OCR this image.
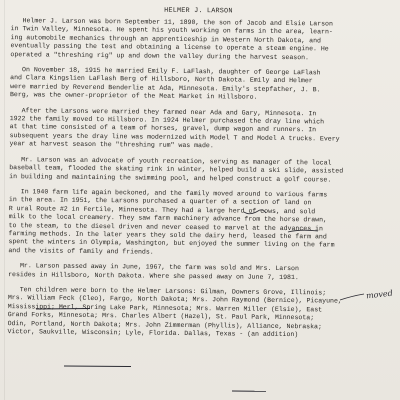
HELMER J. LARSON
Helmer J. Larson was born September 11, 1890, the son of Jacob and Elsie Larson
in Twin Valley, Minnesota. He spent his youth working on farms in the area, learn-
ing automobile mechanics through an apprenticeship in Western North Dakota, and
eventually passing the test and obtaining a license to operate a steam engine. He
operated a "threshing rig" up and down the valley during the harvest season.
On November 18, 1915 he married Emily F. LaFlash, daughter of George LaFlash
and Clara Kingslien LaFlash Berg of Hillsboro, North Dakota. Emily and Helmer
were married by Reverend Benderlie at Ada, Minnesota. Emily's stepfather, J. B.
Berg, was the owner-proprietor of the Meat Market in Hillsboro.
After the Larsons were married they farmed near Ada and Gary, Minnesota. In
1922 the family moved to Hillsboro. In 1924 Helmer purchased the dray line which
at that time consisted of a team of horses, gravel, dump wagon and runners. In
subsequent years the dray line was modernized with Model T and Model A trucks. Every
year at harvest season the "threshing rum" was made.
Mr. Larson was an advocate of youth recreation, serving as manager of the local
baseball team, flooded the skating rink in winter, helped build a ski slide, assisted
in building and maintaining the swimming pool, and helped construct a golf course.
In 1940 farm life again beckoned, and the family moved around to various farms
in the area. In 1951, the Larsons purchased a quarter of a section of land on
R ural Route #2 in Fertile, Minnesota. They had a large herd of cows, and sold
milk to the local creamery. They saw farm machinery advance from the horse drawn,
to the steam, to the diesel driven and never ceased to marvel at the advances in
farming methods. In the later years they sold the dairy herd, leased the farm and
spent the winters in Olympia, Washington, but enjoyed the summer living on the farm
and the visits of family and friends.
Mr. Larson passed away in June, 1967, the farm was sold and Mrs. Larson
resides in Hillsboro, North Dakota. Where she passed away on June 7, 1981.
Ten children were born to the Helmer Larsons: Gilman, Downers Grove, Illinois;
Mrs. William Feck (Cleo), Fargo, North Dakota; Mrs. John Raymond (Bernice), Picayune,
Mississippi; Merl, Spring Lake Park, Minnesota; Mrs. Warren Miller (Elsie), East
Grand Forks, Minnesota; Mrs. Charles Albert (Hazel), St. Paul Park, Minnesota;
Odin, Portland, North Dakota; Mrs. John Zimmerman (Phyllis), Alliance, Nebraska;
Victor, Saukville, Wisconsin; Lyle, Florida. Dallas, Texas - (an addition)
moved
